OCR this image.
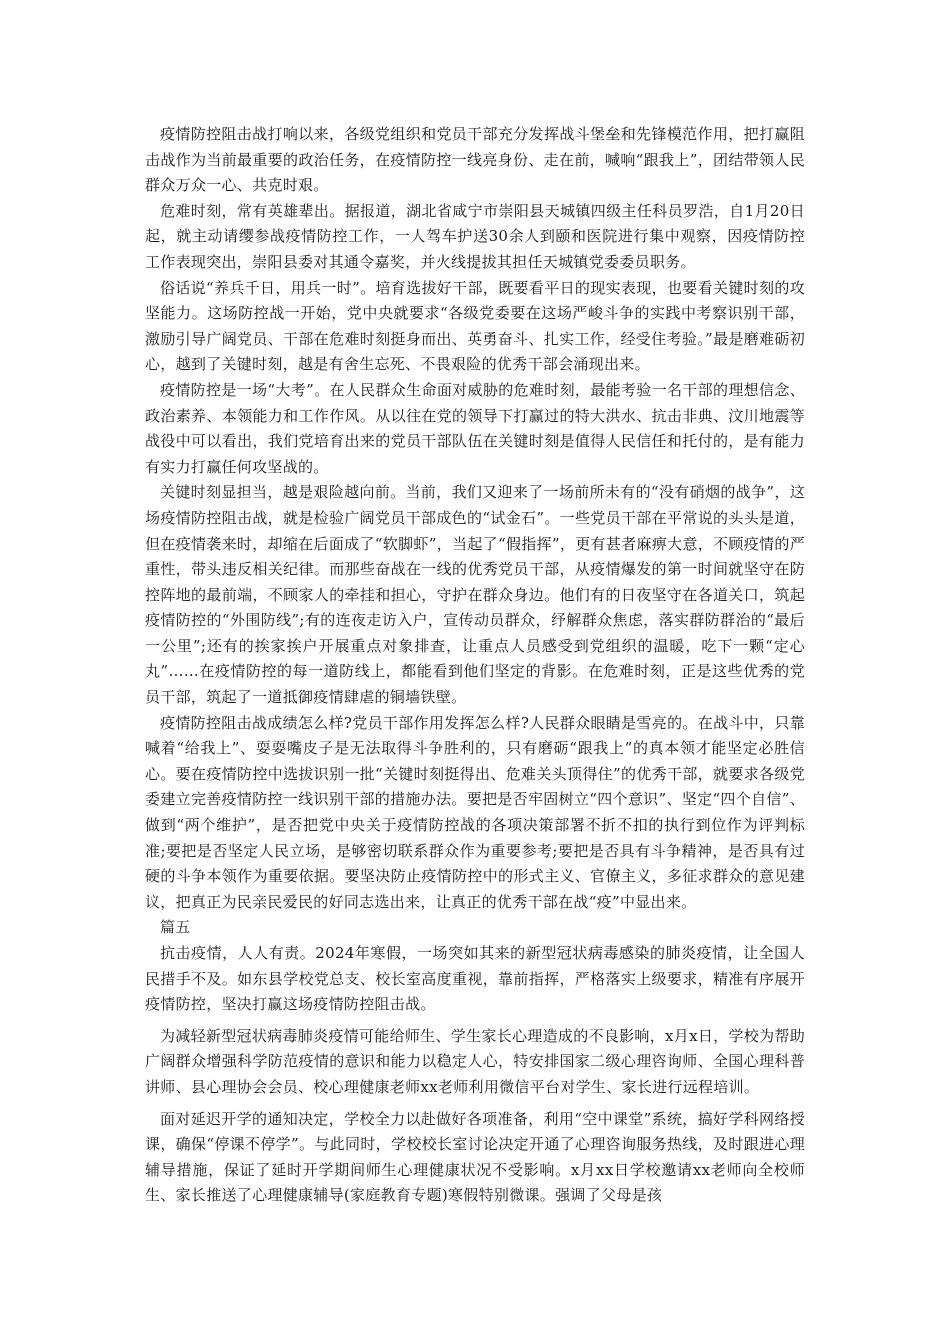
疫情防控阻击战打响以来，各级党组织和党员干部充分发挥战斗堡垒和先锋模范作用，把打赢阻击战作为当前最重要的政治任务，在疫情防控一线亮身份、走在前，喊响“跟我上”，团结带领人民群众万众一心、共克时艰。

危难时刻，常有英雄辈出。据报道，湖北省咸宁市崇阳县天城镇四级主任科员罗浩，自1月20日起，就主动请缨参战疫情防控工作，一人驾车护送30余人到颐和医院进行集中观察，因疫情防控工作表现突出，崇阳县委对其通令嘉奖，并火线提拔其担任天城镇党委委员职务。

俗话说“养兵千日，用兵一时”。培育选拔好干部，既要看平日的现实表现，也要看关键时刻的攻坚能力。这场防控战一开始，党中央就要求“各级党委要在这场严峻斗争的实践中考察识别干部，激励引导广阔党员、干部在危难时刻挺身而出、英勇奋斗、扎实工作，经受住考验。”最是磨难砺初心，越到了关键时刻，越是有舍生忘死、不畏艰险的优秀干部会涌现出来。

疫情防控是一场“大考”。在人民群众生命面对威胁的危难时刻，最能考验一名干部的理想信念、政治素养、本领能力和工作作风。从以往在党的领导下打赢过的特大洪水、抗击非典、汶川地震等战役中可以看出，我们党培育出来的党员干部队伍在关键时刻是值得人民信任和托付的，是有能力有实力打赢任何攻坚战的。

关键时刻显担当，越是艰险越向前。当前，我们又迎来了一场前所未有的“没有硝烟的战争”，这场疫情防控阻击战，就是检验广阔党员干部成色的“试金石”。一些党员干部在平常说的头头是道，但在疫情袭来时，却缩在后面成了“软脚虾”，当起了“假指挥”，更有甚者麻痹大意，不顾疫情的严重性，带头违反相关纪律。而那些奋战在一线的优秀党员干部，从疫情爆发的第一时间就坚守在防控阵地的最前端，不顾家人的牵挂和担心，守护在群众身边。他们有的日夜坚守在各道关口，筑起疫情防控的“外围防线”;有的连夜走访入户，宣传动员群众，纾解群众焦虑，落实群防群治的“最后一公里”;还有的挨家挨户开展重点对象排查，让重点人员感受到党组织的温暖，吃下一颗“定心丸”……在疫情防控的每一道防线上，都能看到他们坚定的背影。在危难时刻，正是这些优秀的党员干部，筑起了一道抵御疫情肆虐的铜墙铁壁。

疫情防控阻击战成绩怎么样?党员干部作用发挥怎么样?人民群众眼睛是雪亮的。在战斗中，只靠喊着“给我上”、耍耍嘴皮子是无法取得斗争胜利的，只有磨砺“跟我上”的真本领才能坚定必胜信心。要在疫情防控中选拔识别一批“关键时刻挺得出、危难关头顶得住”的优秀干部，就要求各级党委建立完善疫情防控一线识别干部的措施办法。要把是否牢固树立“四个意识”、坚定“四个自信”、做到“两个维护”，是否把党中央关于疫情防控战的各项决策部署不折不扣的执行到位作为评判标准;要把是否坚定人民立场，是够密切联系群众作为重要参考;要把是否具有斗争精神，是否具有过硬的斗争本领作为重要依据。要坚决防止疫情防控中的形式主义、官僚主义，多征求群众的意见建议，把真正为民亲民爱民的好同志选出来，让真正的优秀干部在战“疫”中显出来。

篇五

抗击疫情，人人有责。2024年寒假，一场突如其来的新型冠状病毒感染的肺炎疫情，让全国人民措手不及。如东县学校党总支、校长室高度重视，靠前指挥，严格落实上级要求，精准有序展开疫情防控，坚决打赢这场疫情防控阻击战。

为减轻新型冠状病毒肺炎疫情可能给师生、学生家长心理造成的不良影响，x月x日，学校为帮助广阔群众增强科学防范疫情的意识和能力以稳定人心，特安排国家二级心理咨询师、全国心理科普讲师、县心理协会会员、校心理健康老师xx老师利用微信平台对学生、家长进行远程培训。

面对延迟开学的通知决定，学校全力以赴做好各项准备，利用“空中课堂”系统，搞好学科网络授课，确保“停课不停学”。与此同时，学校校长室讨论决定开通了心理咨询服务热线，及时跟进心理辅导措施，保证了延时开学期间师生心理健康状况不受影响。x月xx日学校邀请xx老师向全校师生、家长推送了心理健康辅导(家庭教育专题)寒假特别微课。强调了父母是孩
